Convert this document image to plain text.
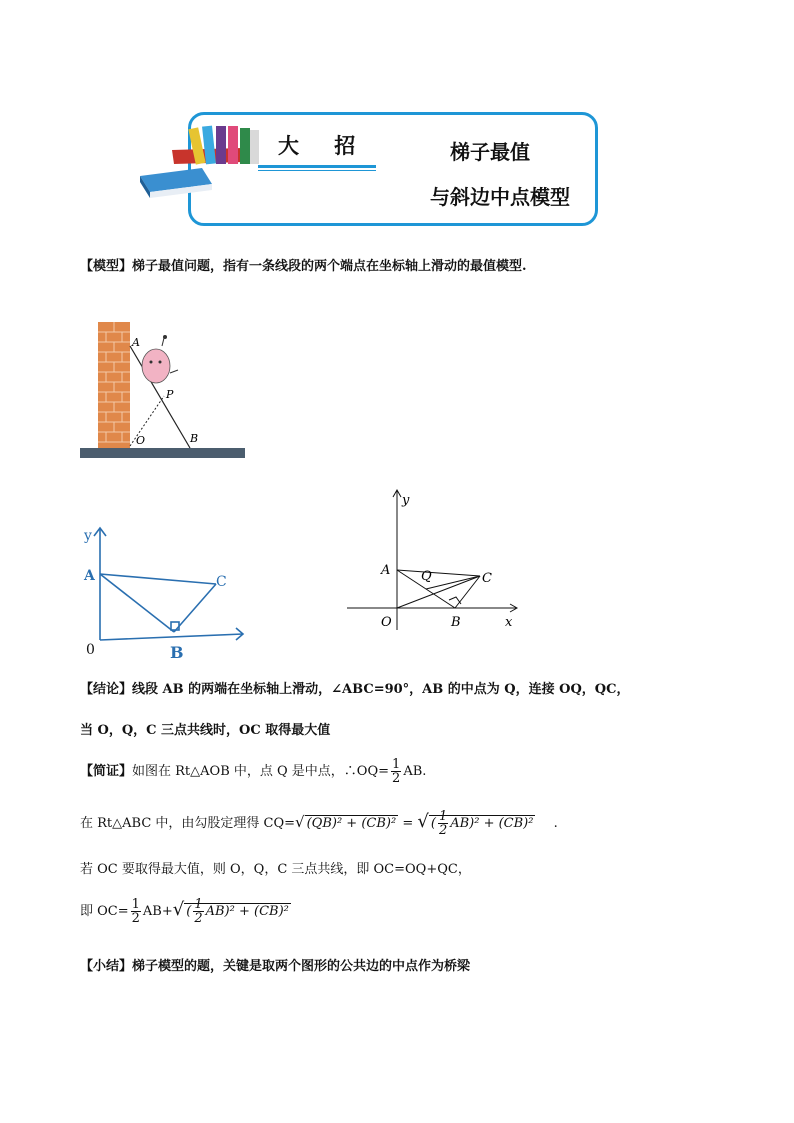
大 招	梯子最值
与斜边中点模型
【模型】梯子最值问题，指有一条线段的两个端点在坐标轴上滑动的最值模型.
A
P
O	B
y
A	C
0	B
y
A Q	C
O	B	x
【结论】线段 AB 的两端在坐标轴上滑动，∠ABC=90°，AB 的中点为 Q，连接 OQ，QC，
当 O，Q，C 三点共线时，OC 取得最大值
【简证】如图在 Rt△AOB 中，点 Q 是中点，∴OQ= $\frac{1}{2}$ AB.
在 Rt△ABC 中，由勾股定理得 CQ=√ (QB)² + (CB)² = √ ( $\frac{1}{2} AB)^2 + (CB)^2$ .
若 OC 要取得最大值，则 O，Q，C 三点共线，即 OC=OQ+QC，
即 $OC= \frac{1}{2} AB+√$ ( $\frac{1}{2} AB)^2 + (CB)^2$
【小结】梯子模型的题，关键是取两个图形的公共边的中点作为桥梁
